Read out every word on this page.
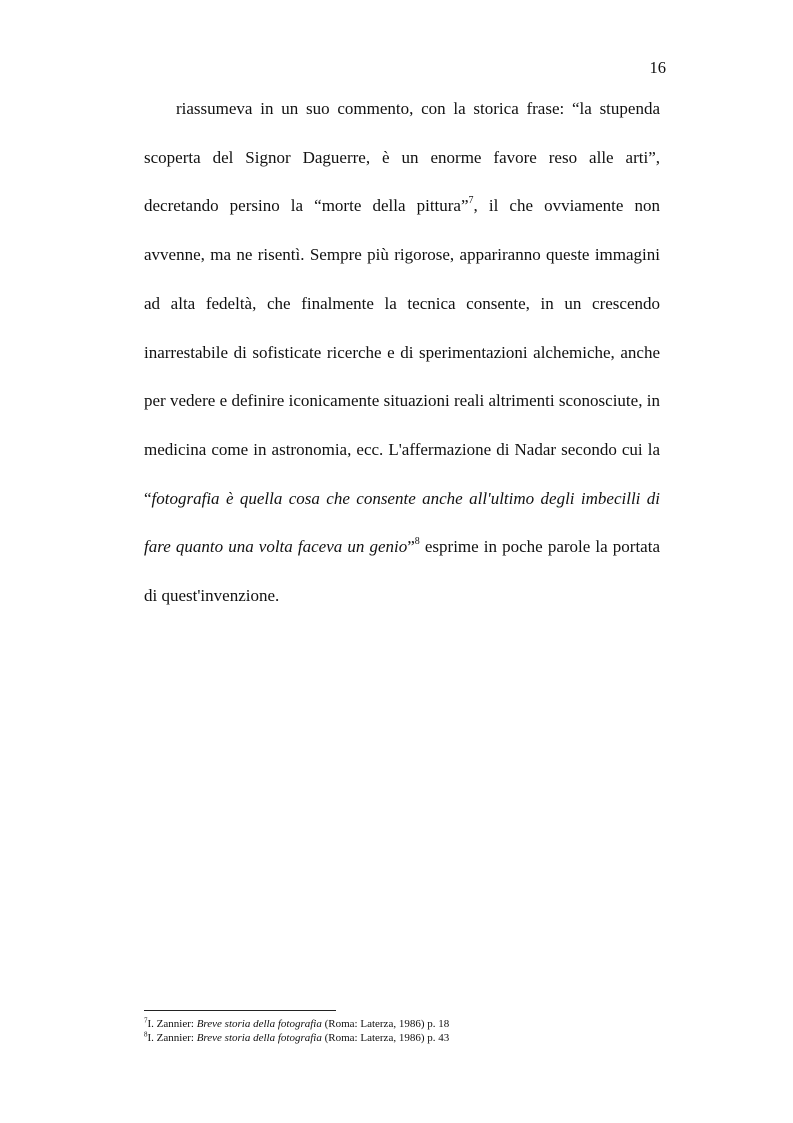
16

riassumeva in un suo commento, con la storica frase: “la stupenda scoperta del Signor Daguerre, è un enorme favore reso alle arti”, decretando persino la “morte della pittura”$^7$, il che ovviamente non avvenne, ma ne risentì. Sempre più rigorose, appariranno queste immagini ad alta fedeltà, che finalmente la tecnica consente, in un crescendo inarrestabile di sofisticate ricerche e di sperimentazioni alchemiche, anche per vedere e definire iconicamente situazioni reali altrimenti sconosciute, in medicina come in astronomia, ecc. L'affermazione di Nadar secondo cui la “fotografia è quella cosa che consente anche all'ultimo degli imbecilli di fare quanto una volta faceva un genio”$^8$ esprime in poche parole la portata di quest'invenzione.

$^7$I. Zannier: Breve storia della fotografia (Roma: Laterza, 1986) p. 18

$^8$I. Zannier: Breve storia della fotografia (Roma: Laterza, 1986) p. 43
